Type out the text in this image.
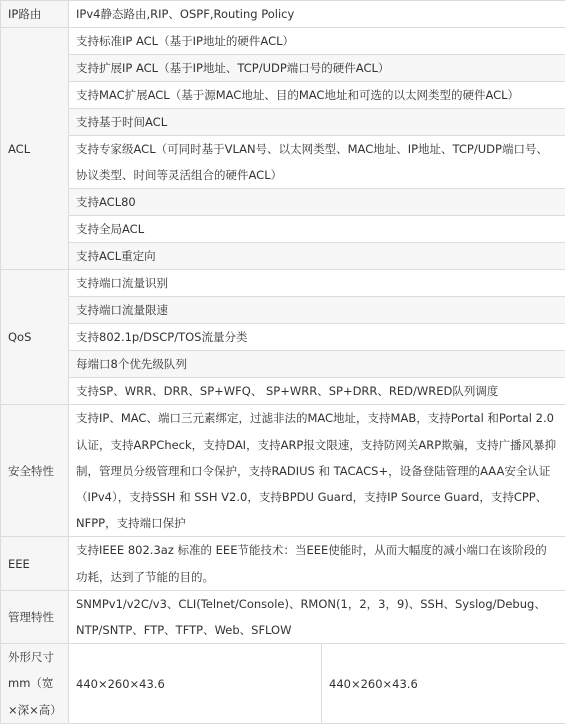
IP路由	IPv4静态路由,RIP、OSPF,Routing Policy	
ACL	支持标准IP ACL（基于IP地址的硬件ACL）	
	支持扩展IP ACL（基于IP地址、TCP/UDP端口号的硬件ACL）	
	支持MAC扩展ACL（基于源MAC地址、目的MAC地址和可选的以太网类型的硬件ACL）	
	支持基于时间ACL	
	支持专家级ACL（可同时基于VLAN号、以太网类型、MAC地址、IP地址、TCP/UDP端口号、协议类型、时间等灵活组合的硬件ACL）	
	支持ACL80	
	支持全局ACL	
	支持ACL重定向	
QoS	支持端口流量识别	
	支持端口流量限速	
	支持802.1p/DSCP/TOS流量分类	
	每端口8个优先级队列	
	支持SP、WRR、DRR、SP+WFQ、 SP+WRR、SP+DRR、RED/WRED队列调度	
安全特性	支持IP、MAC、端口三元素绑定，过滤非法的MAC地址，支持MAB，支持Portal 和Portal 2.0认证，支持ARPCheck，支持DAI，支持ARP报文限速，支持防网关ARP欺骗，支持广播风暴抑制，管理员分级管理和口令保护，支持RADIUS 和 TACACS+，设备登陆管理的AAA安全认证（IPv4），支持SSH 和 SSH V2.0，支持BPDU Guard，支持IP Source Guard，支持CPP、NFPP，支持端口保护	
EEE	支持IEEE 802.3az 标准的 EEE节能技术：当EEE使能时，从而大幅度的减小端口在该阶段的功耗，达到了节能的目的。	
管理特性	SNMPv1/v2C/v3、CLI(Telnet/Console)、RMON(1，2，3，9)、SSH、Syslog/Debug、NTP/SNTP、FTP、TFTP、Web、SFLOW	
外形尺寸mm（宽×深×高）	440×260×43.6	440×260×43.6
